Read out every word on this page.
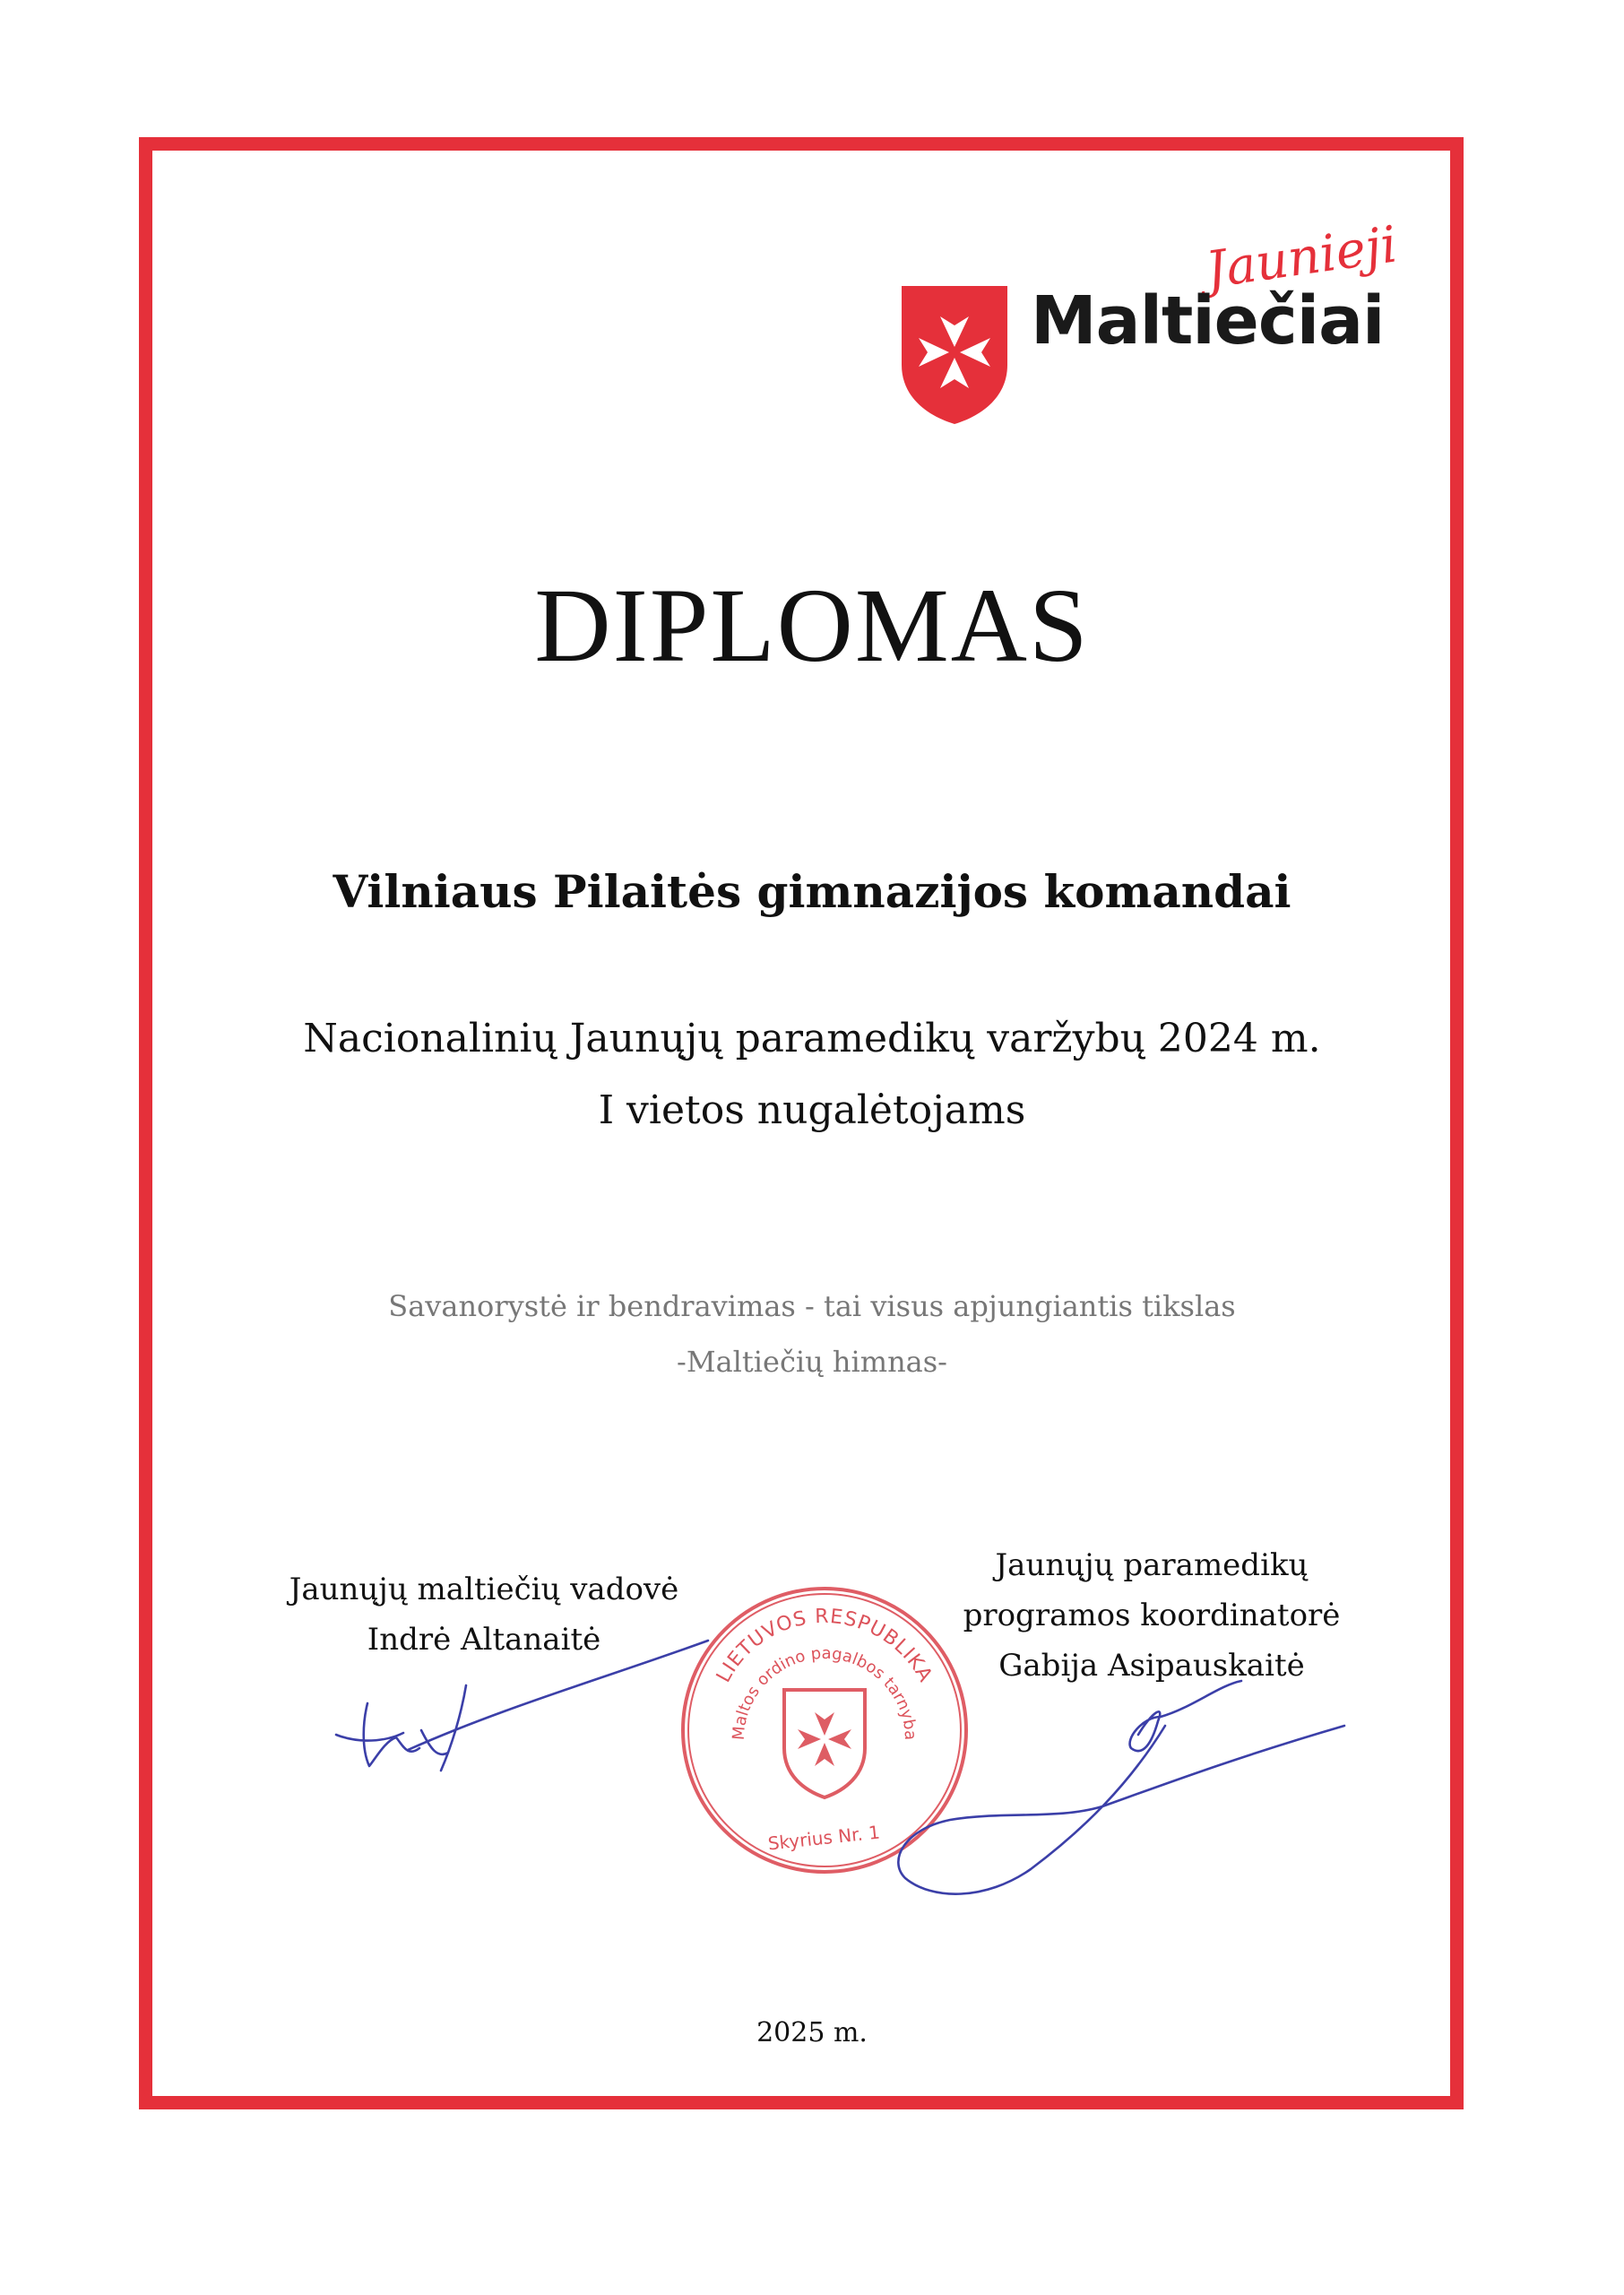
Jaunieji
Maltiečiai
DIPLOMAS
Vilniaus Pilaitės gimnazijos komandai
Nacionalinių Jaunųjų paramedikų varžybų 2024 m.
I vietos nugalėtojams
Savanorystė ir bendravimas - tai visus apjungiantis tikslas
-Maltiečių himnas-
Jaunųjų maltiečių vadovė
Indrė Altanaitė
Jaunųjų paramedikų
programos koordinatorė
Gabija Asipauskaitė
LIETUVOS RESPUBLIKA
Maltos ordino pagalbos tarnyba
Skyrius Nr. 1
2025 m.
